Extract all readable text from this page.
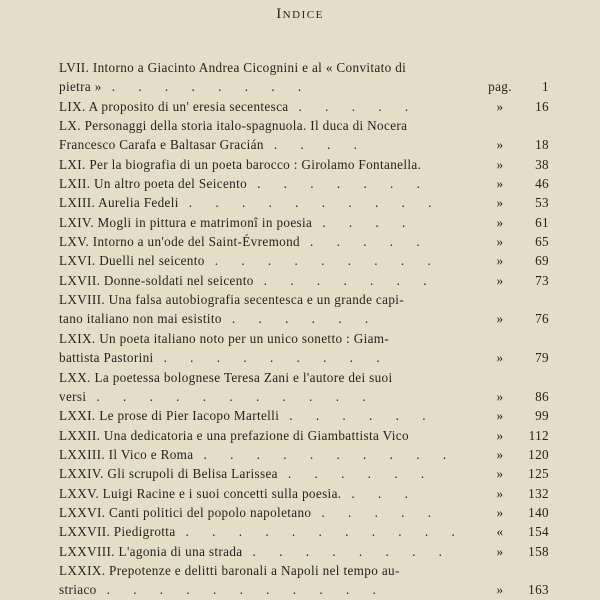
Indice
LVII. Intorno a Giacinto Andrea Cicognini e al « Convitato di
pietra » . . . . . . . .	pag.	1
LIX. A proposito di un' eresia secentesca . . . . .	»	16
LX. Personaggi della storia italo-spagnuola. Il duca di Nocera
Francesco Carafa e Baltasar Gracián . . . .	»	18
LXI. Per la biografia di un poeta barocco : Girolamo Fontanella.	»	38
LXII. Un altro poeta del Seicento . . . . . . .	»	46
LXIII. Aurelia Fedeli . . . . . . . . . .	»	53
LXIV. Mogli in pittura e matrimonî in poesia . . . .	»	61
LXV. Intorno a un'ode del Saint-Évremond . . . . .	»	65
LXVI. Duelli nel seicento . . . . . . . . .	»	69
LXVII. Donne-soldati nel seicento . . . . . . .	»	73
LXVIII. Una falsa autobiografia secentesca e un grande capi-
tano italiano non mai esistito . . . . . .	»	76
LXIX. Un poeta italiano noto per un unico sonetto : Giam-
battista Pastorini . . . . . . . . .	»	79
LXX. La poetessa bolognese Teresa Zani e l'autore dei suoi
versi . . . . . . . . . . .	»	86
LXXI. Le prose di Pier Iacopo Martelli . . . . . .	»	99
LXXII. Una dedicatoria e una prefazione di Giambattista Vico	»	112
LXXIII. Il Vico e Roma . . . . . . . . . .	»	120
LXXIV. Gli scrupoli di Belisa Larissea . . . . . .	»	125
LXXV. Luigi Racine e i suoi concetti sulla poesia. . . .	»	132
LXXVI. Canti politici del popolo napoletano . . . . .	»	140
LXXVII. Piedigrotta . . . . . . . . . . .	«	154
LXXVIII. L'agonia di una strada . . . . . . . .	»	158
LXXIX. Prepotenze e delitti baronali a Napoli nel tempo au-
striaco . . . . . . . . . . .	»	163
